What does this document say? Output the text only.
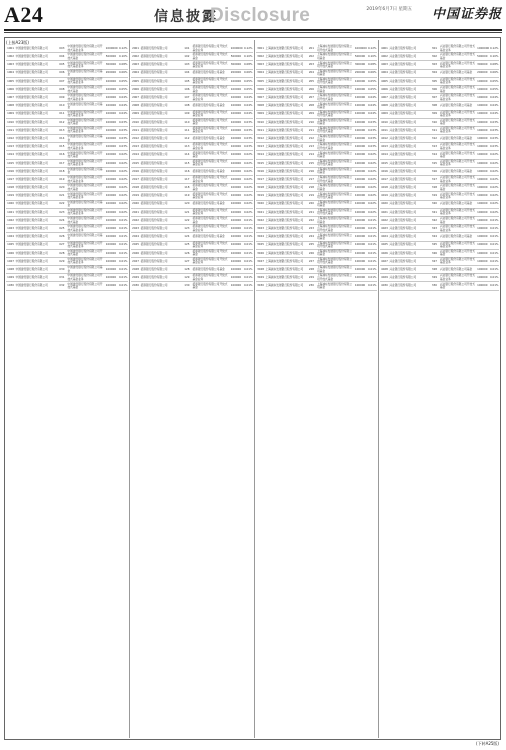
A24	信息披露
Disclosure	2019年6月7日 星期五 中国证券报
(上接A23版)
1901	中国建设银行股份有限公司	003	中国建设银行股份有限公司开放式基金业务	1000000	0.12%
1902	中国建设银行股份有限公司	004	中国建设银行股份有限公司开放式基金	500000	0.10%
1903	中国建设银行股份有限公司	005	中国建设银行股份有限公司开放式基金业务	300000	0.08%
1904	中国建设银行股份有限公司	006	中国建设银行股份有限公司基金	200000	0.06%
1905	中国建设银行股份有限公司	007	中国建设银行股份有限公司开放式基金业务	100000	0.05%
1906	中国建设银行股份有限公司	008	中国建设银行股份有限公司开放式基金	100000	0.05%
1907	中国建设银行股份有限公司	009	中国建设银行股份有限公司开放式基金业务	100000	0.04%
1908	中国建设银行股份有限公司	010	中国建设银行股份有限公司基金	100000	0.04%
1909	中国建设银行股份有限公司	011	中国建设银行股份有限公司开放式基金业务	100000	0.04%
1910	中国建设银行股份有限公司	012	中国建设银行股份有限公司开放式基金	100000	0.03%
1911	中国建设银行股份有限公司	013	中国建设银行股份有限公司开放式基金业务	100000	0.03%
1912	中国建设银行股份有限公司	014	中国建设银行股份有限公司基金	100000	0.03%
1913	中国建设银行股份有限公司	015	中国建设银行股份有限公司开放式基金业务	100000	0.03%
1914	中国建设银行股份有限公司	016	中国建设银行股份有限公司开放式基金	100000	0.02%
1915	中国建设银行股份有限公司	017	中国建设银行股份有限公司开放式基金业务	100000	0.02%
1916	中国建设银行股份有限公司	018	中国建设银行股份有限公司基金	100000	0.02%
1917	中国建设银行股份有限公司	019	中国建设银行股份有限公司开放式基金业务	100000	0.02%
1918	中国建设银行股份有限公司	020	中国建设银行股份有限公司开放式基金	100000	0.02%
1919	中国建设银行股份有限公司	021	中国建设银行股份有限公司开放式基金业务	100000	0.02%
1920	中国建设银行股份有限公司	022	中国建设银行股份有限公司基金	100000	0.02%
1921	中国建设银行股份有限公司	023	中国建设银行股份有限公司开放式基金业务	100000	0.02%
1922	中国建设银行股份有限公司	024	中国建设银行股份有限公司开放式基金	100000	0.01%
1923	中国建设银行股份有限公司	025	中国建设银行股份有限公司开放式基金业务	100000	0.01%
1924	中国建设银行股份有限公司	026	中国建设银行股份有限公司基金	100000	0.01%
1925	中国建设银行股份有限公司	027	中国建设银行股份有限公司开放式基金业务	100000	0.01%
1926	中国建设银行股份有限公司	028	中国建设银行股份有限公司开放式基金	100000	0.01%
1927	中国建设银行股份有限公司	029	中国建设银行股份有限公司开放式基金业务	100000	0.01%
1928	中国建设银行股份有限公司	030	中国建设银行股份有限公司基金	100000	0.01%
1929	中国建设银行股份有限公司	031	中国建设银行股份有限公司开放式基金业务	100000	0.01%
1930	中国建设银行股份有限公司	032	中国建设银行股份有限公司开放式基金	100000	0.01%
2001	招商银行股份有限公司	101	招商银行股份有限公司开放式基金业务	1000000	0.12%
2002	招商银行股份有限公司	102	招商银行股份有限公司开放式基金	500000	0.10%
2003	招商银行股份有限公司	103	招商银行股份有限公司开放式基金业务	300000	0.08%
2004	招商银行股份有限公司	104	招商银行股份有限公司基金	200000	0.06%
2005	招商银行股份有限公司	105	招商银行股份有限公司开放式基金业务	100000	0.05%
2006	招商银行股份有限公司	106	招商银行股份有限公司开放式基金	100000	0.05%
2007	招商银行股份有限公司	107	招商银行股份有限公司开放式基金业务	100000	0.04%
2008	招商银行股份有限公司	108	招商银行股份有限公司基金	100000	0.04%
2009	招商银行股份有限公司	109	招商银行股份有限公司开放式基金业务	100000	0.04%
2010	招商银行股份有限公司	110	招商银行股份有限公司开放式基金	100000	0.03%
2011	招商银行股份有限公司	111	招商银行股份有限公司开放式基金业务	100000	0.03%
2012	招商银行股份有限公司	112	招商银行股份有限公司基金	100000	0.03%
2013	招商银行股份有限公司	113	招商银行股份有限公司开放式基金业务	100000	0.03%
2014	招商银行股份有限公司	114	招商银行股份有限公司开放式基金	100000	0.02%
2015	招商银行股份有限公司	115	招商银行股份有限公司开放式基金业务	100000	0.02%
2016	招商银行股份有限公司	116	招商银行股份有限公司基金	100000	0.02%
2017	招商银行股份有限公司	117	招商银行股份有限公司开放式基金业务	100000	0.02%
2018	招商银行股份有限公司	118	招商银行股份有限公司开放式基金	100000	0.02%
2019	招商银行股份有限公司	119	招商银行股份有限公司开放式基金业务	100000	0.02%
2020	招商银行股份有限公司	120	招商银行股份有限公司基金	100000	0.02%
2021	招商银行股份有限公司	121	招商银行股份有限公司开放式基金业务	100000	0.02%
2022	招商银行股份有限公司	122	招商银行股份有限公司开放式基金	100000	0.01%
2023	招商银行股份有限公司	123	招商银行股份有限公司开放式基金业务	100000	0.01%
2024	招商银行股份有限公司	124	招商银行股份有限公司基金	100000	0.01%
2025	招商银行股份有限公司	125	招商银行股份有限公司开放式基金业务	100000	0.01%
2026	招商银行股份有限公司	126	招商银行股份有限公司开放式基金	100000	0.01%
2027	招商银行股份有限公司	127	招商银行股份有限公司开放式基金业务	100000	0.01%
2028	招商银行股份有限公司	128	招商银行股份有限公司基金	100000	0.01%
2029	招商银行股份有限公司	129	招商银行股份有限公司开放式基金业务	100000	0.01%
2030	招商银行股份有限公司	130	招商银行股份有限公司开放式基金	100000	0.01%
3001	上海浦东发展银行股份有限公司	201	上海浦东发展银行股份有限公司开放式基金	1000000	0.12%
3002	上海浦东发展银行股份有限公司	202	上海浦东发展银行股份有限公司基金	500000	0.10%
3003	上海浦东发展银行股份有限公司	203	上海浦东发展银行股份有限公司开放式基金	300000	0.08%
3004	上海浦东发展银行股份有限公司	204	上海浦东发展银行股份有限公司基金	200000	0.06%
3005	上海浦东发展银行股份有限公司	205	上海浦东发展银行股份有限公司开放式基金	100000	0.05%
3006	上海浦东发展银行股份有限公司	206	上海浦东发展银行股份有限公司基金	100000	0.05%
3007	上海浦东发展银行股份有限公司	207	上海浦东发展银行股份有限公司开放式基金	100000	0.04%
3008	上海浦东发展银行股份有限公司	208	上海浦东发展银行股份有限公司基金	100000	0.04%
3009	上海浦东发展银行股份有限公司	209	上海浦东发展银行股份有限公司开放式基金	100000	0.04%
3010	上海浦东发展银行股份有限公司	210	上海浦东发展银行股份有限公司基金	100000	0.03%
3011	上海浦东发展银行股份有限公司	211	上海浦东发展银行股份有限公司开放式基金	100000	0.03%
3012	上海浦东发展银行股份有限公司	212	上海浦东发展银行股份有限公司基金	100000	0.03%
3013	上海浦东发展银行股份有限公司	213	上海浦东发展银行股份有限公司开放式基金	100000	0.03%
3014	上海浦东发展银行股份有限公司	214	上海浦东发展银行股份有限公司基金	100000	0.02%
3015	上海浦东发展银行股份有限公司	215	上海浦东发展银行股份有限公司开放式基金	100000	0.02%
3016	上海浦东发展银行股份有限公司	216	上海浦东发展银行股份有限公司基金	100000	0.02%
3017	上海浦东发展银行股份有限公司	217	上海浦东发展银行股份有限公司开放式基金	100000	0.02%
3018	上海浦东发展银行股份有限公司	218	上海浦东发展银行股份有限公司基金	100000	0.02%
3019	上海浦东发展银行股份有限公司	219	上海浦东发展银行股份有限公司开放式基金	100000	0.02%
3020	上海浦东发展银行股份有限公司	220	上海浦东发展银行股份有限公司基金	100000	0.02%
3021	上海浦东发展银行股份有限公司	221	上海浦东发展银行股份有限公司开放式基金	100000	0.02%
3022	上海浦东发展银行股份有限公司	222	上海浦东发展银行股份有限公司基金	100000	0.01%
3023	上海浦东发展银行股份有限公司	223	上海浦东发展银行股份有限公司开放式基金	100000	0.01%
3024	上海浦东发展银行股份有限公司	224	上海浦东发展银行股份有限公司基金	100000	0.01%
3025	上海浦东发展银行股份有限公司	225	上海浦东发展银行股份有限公司开放式基金	100000	0.01%
3026	上海浦东发展银行股份有限公司	226	上海浦东发展银行股份有限公司基金	100000	0.01%
3027	上海浦东发展银行股份有限公司	227	上海浦东发展银行股份有限公司开放式基金	100000	0.01%
3028	上海浦东发展银行股份有限公司	228	上海浦东发展银行股份有限公司基金	100000	0.01%
3029	上海浦东发展银行股份有限公司	229	上海浦东发展银行股份有限公司开放式基金	100000	0.01%
3030	上海浦东发展银行股份有限公司	230	上海浦东发展银行股份有限公司基金	100000	0.01%
4001	兴业银行股份有限公司	301	兴业银行股份有限公司开放式基金业务	1000000	0.12%
4002	兴业银行股份有限公司	302	兴业银行股份有限公司开放式基金	500000	0.10%
4003	兴业银行股份有限公司	303	兴业银行股份有限公司开放式基金业务	300000	0.08%
4004	兴业银行股份有限公司	304	兴业银行股份有限公司基金	200000	0.06%
4005	兴业银行股份有限公司	305	兴业银行股份有限公司开放式基金业务	100000	0.05%
4006	兴业银行股份有限公司	306	兴业银行股份有限公司开放式基金	100000	0.05%
4007	兴业银行股份有限公司	307	兴业银行股份有限公司开放式基金业务	100000	0.04%
4008	兴业银行股份有限公司	308	兴业银行股份有限公司基金	100000	0.04%
4009	兴业银行股份有限公司	309	兴业银行股份有限公司开放式基金业务	100000	0.04%
4010	兴业银行股份有限公司	310	兴业银行股份有限公司开放式基金	100000	0.03%
4011	兴业银行股份有限公司	311	兴业银行股份有限公司开放式基金业务	100000	0.03%
4012	兴业银行股份有限公司	312	兴业银行股份有限公司基金	100000	0.03%
4013	兴业银行股份有限公司	313	兴业银行股份有限公司开放式基金业务	100000	0.03%
4014	兴业银行股份有限公司	314	兴业银行股份有限公司开放式基金	100000	0.02%
4015	兴业银行股份有限公司	315	兴业银行股份有限公司开放式基金业务	100000	0.02%
4016	兴业银行股份有限公司	316	兴业银行股份有限公司基金	100000	0.02%
4017	兴业银行股份有限公司	317	兴业银行股份有限公司开放式基金业务	100000	0.02%
4018	兴业银行股份有限公司	318	兴业银行股份有限公司开放式基金	100000	0.02%
4019	兴业银行股份有限公司	319	兴业银行股份有限公司开放式基金业务	100000	0.02%
4020	兴业银行股份有限公司	320	兴业银行股份有限公司基金	100000	0.02%
4021	兴业银行股份有限公司	321	兴业银行股份有限公司开放式基金业务	100000	0.02%
4022	兴业银行股份有限公司	322	兴业银行股份有限公司开放式基金	100000	0.01%
4023	兴业银行股份有限公司	323	兴业银行股份有限公司开放式基金业务	100000	0.01%
4024	兴业银行股份有限公司	324	兴业银行股份有限公司基金	100000	0.01%
4025	兴业银行股份有限公司	325	兴业银行股份有限公司开放式基金业务	100000	0.01%
4026	兴业银行股份有限公司	326	兴业银行股份有限公司开放式基金	100000	0.01%
4027	兴业银行股份有限公司	327	兴业银行股份有限公司开放式基金业务	100000	0.01%
4028	兴业银行股份有限公司	328	兴业银行股份有限公司基金	100000	0.01%
4029	兴业银行股份有限公司	329	兴业银行股份有限公司开放式基金业务	100000	0.01%
4030	兴业银行股份有限公司	330	兴业银行股份有限公司开放式基金	100000	0.01%
(下转A25版)
